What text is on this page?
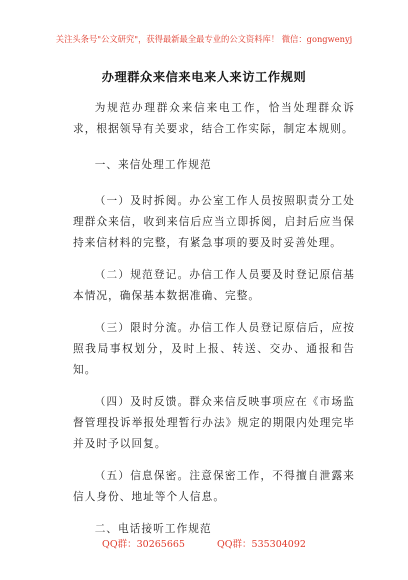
关注头条号"公文研究"，获得最新最全最专业的公文资料库！ 微信：gongwenyj
办理群众来信来电来人来访工作规则

为规范办理群众来信来电工作，恰当处理群众诉求，根据领导有关要求，结合工作实际，制定本规则。

一、来信处理工作规范

（一）及时拆阅。办公室工作人员按照职责分工处理群众来信，收到来信后应当立即拆阅，启封后应当保持来信材料的完整，有紧急事项的要及时妥善处理。

（二）规范登记。办信工作人员要及时登记原信基本情况，确保基本数据准确、完整。

（三）限时分流。办信工作人员登记原信后，应按照我局事权划分，及时上报、转送、交办、通报和告知。

（四）及时反馈。群众来信反映事项应在《市场监督管理投诉举报处理暂行办法》规定的期限内处理完毕并及时予以回复。

（五）信息保密。注意保密工作，不得擅自泄露来信人身份、地址等个人信息。

二、电话接听工作规范

QQ群：30265665	QQ群：535304092
